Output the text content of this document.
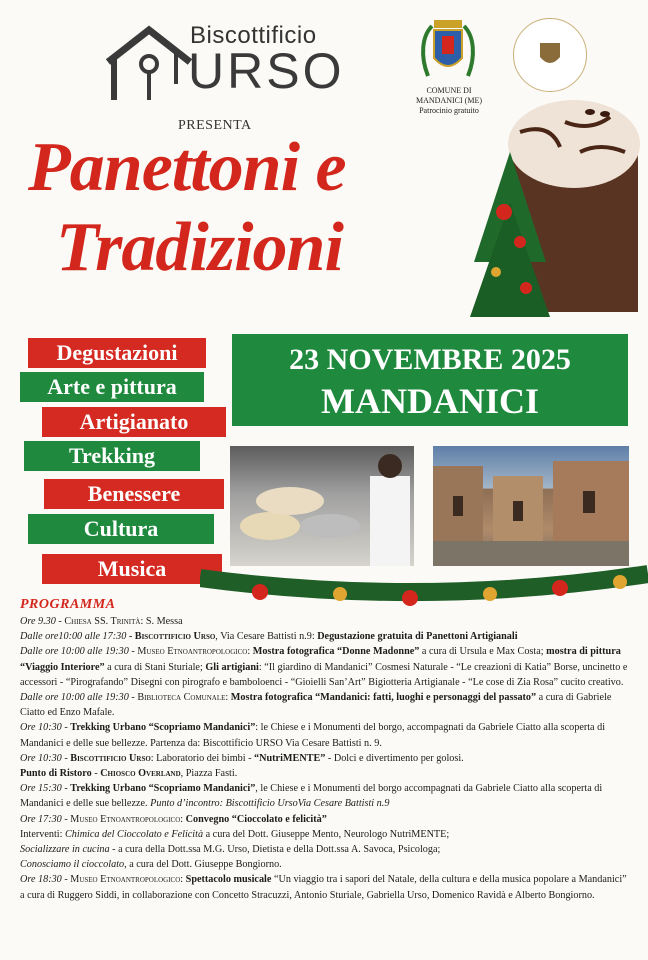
Biscottificio
URSO
PRESENTA
COMUNE DI MANDANICI (ME)
Patrocinio gratuito
Panettoni e
Tradizioni
Degustazioni
Arte e pittura
Artigianato
Trekking
Benessere
Cultura
Musica
23 NOVEMBRE 2025
MANDANICI
PROGRAMMA

Ore 9.30 - Chiesa SS. Trinità: S. Messa

Dalle ore10:00 alle 17:30 - Biscottificio Urso, Via Cesare Battisti n.9: Degustazione gratuita di Panettoni Artigianali

Dalle ore 10:00 alle 19:30 - Museo Etnoantropologico: Mostra fotografica “Donne Madonne” a cura di Ursula e Max Costa; mostra di pittura “Viaggio Interiore” a cura di Stani Sturiale; Gli artigiani: “Il giardino di Mandanici” Cosmesi Naturale - “Le creazioni di Katia” Borse, uncinetto e accessori - “Pirografando” Disegni con pirografo e bamboloenci - “Gioielli San’Art” Bigiotteria Artigianale - “Le cose di Zia Rosa” cucito creativo.

Dalle ore 10:00 alle 19:30 - Biblioteca Comunale: Mostra fotografica “Mandanici: fatti, luoghi e personaggi del passato” a cura di Gabriele Ciatto ed Enzo Mafale.

Ore 10:30 - Trekking Urbano “Scopriamo Mandanici”: le Chiese e i Monumenti del borgo, accompagnati da Gabriele Ciatto alla scoperta di Mandanici e delle sue bellezze. Partenza da: Biscottificio URSO Via Cesare Battisti n. 9.

Ore 10:30 - Biscottificio Urso: Laboratorio dei bimbi - “NutriMENTE” - Dolci e divertimento per golosi.

Punto di Ristoro - Chiosco Overland, Piazza Fasti.

Ore 15:30 - Trekking Urbano “Scopriamo Mandanici”, le Chiese e i Monumenti del borgo accompagnati da Gabriele Ciatto alla scoperta di Mandanici e delle sue bellezze. Punto d’incontro: Biscottificio UrsoVia Cesare Battisti n.9

Ore 17:30 - Museo Etnoantropologico: Convegno “Cioccolato e felicità”

Interventi: Chimica del Cioccolato e Felicità a cura del Dott. Giuseppe Mento, Neurologo NutriMENTE;

Socializzare in cucina - a cura della Dott.ssa M.G. Urso, Dietista e della Dott.ssa A. Savoca, Psicologa;

Conosciamo il cioccolato, a cura del Dott. Giuseppe Bongiorno.

Ore 18:30 - Museo Etnoantropologico: Spettacolo musicale “Un viaggio tra i sapori del Natale, della cultura e della musica popolare a Mandanici” a cura di Ruggero Siddi, in collaborazione con Concetto Stracuzzi, Antonio Sturiale, Gabriella Urso, Domenico Ravidà e Alberto Bongiorno.
